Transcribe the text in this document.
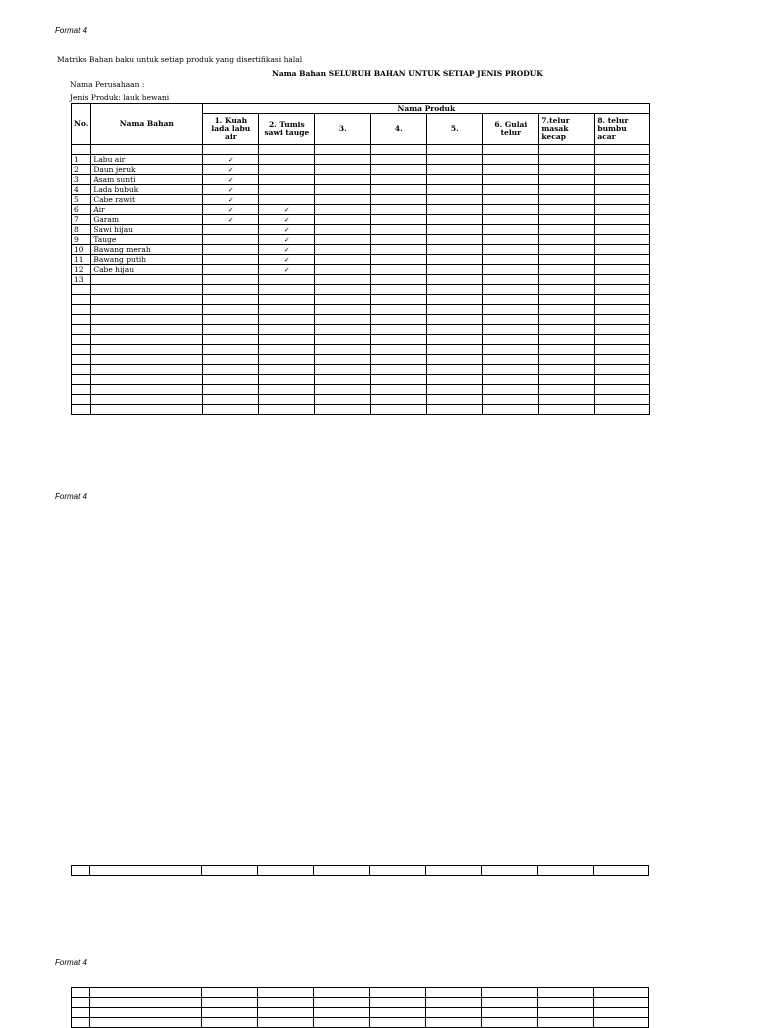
Format 4
Matriks Bahan baku untuk setiap produk yang disertifikasi halal
Nama Bahan SELURUH BAHAN UNTUK SETIAP JENIS PRODUK
Nama Perusahaan :
Jenis Produk: lauk hewani
No.	Nama Bahan	Nama Produk							
		1. Kuah lada labu air	2. Tumis sawi tauge	3.	4.	5.	6. Gulai telur	7.telur masak kecap	8. telur bumbu acar

1	Labu air	✓							
2	Daun jeruk	✓							
3	Asam sunti	✓							
4	Lada bubuk	✓							
5	Cabe rawit	✓							
6	Air	✓	✓						
7	Garam	✓	✓						
8	Sawi hijau		✓						
9	Tauge		✓						
10	Bawang merah		✓						
11	Bawang putih		✓						
12	Cabe hijau		✓						
13									

Format 4

Format 4
